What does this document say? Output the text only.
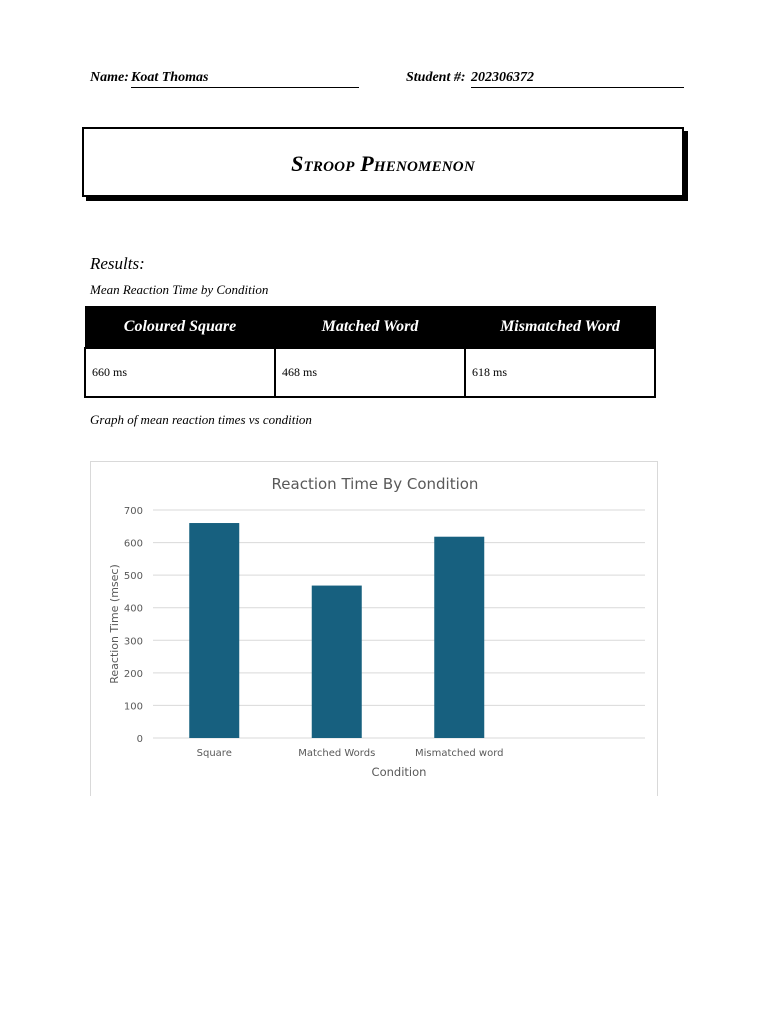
Name: Koat Thomas	Student #: 202306372
Stroop Phenomenon
Results:
Mean Reaction Time by Condition
Coloured Square	Matched Word	Mismatched Word
660 ms	468 ms	618 ms
Graph of mean reaction times vs condition
Reaction Time By Condition
0
100
200
300
400
500
600
700
Square	Matched Words	Mismatched word
Condition
Reaction Time (msec)
